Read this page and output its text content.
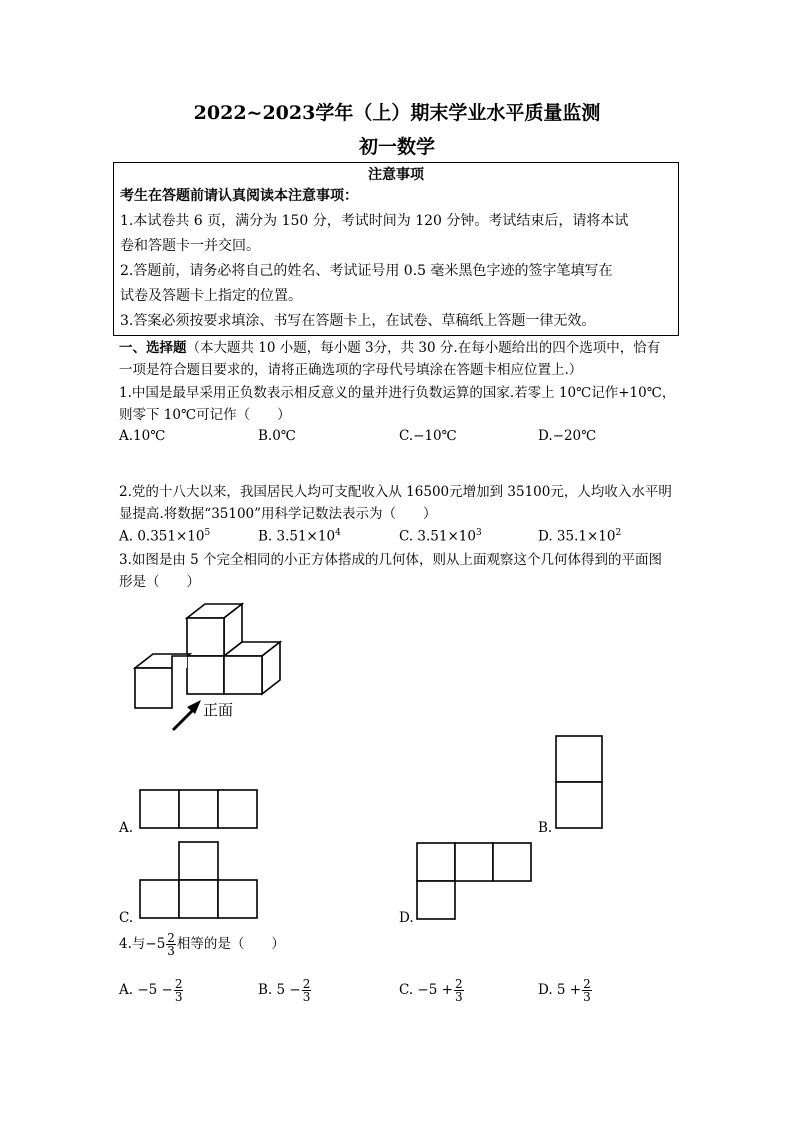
2022~2023学年（上）期末学业水平质量监测
初一数学
注意事项
考生在答题前请认真阅读本注意事项：
1.本试卷共 6 页，满分为 150 分，考试时间为 120 分钟。考试结束后，请将本试
卷和答题卡一并交回。
2.答题前，请务必将自己的姓名、考试证号用 0.5 毫米黑色字迹的签字笔填写在
试卷及答题卡上指定的位置。
3.答案必须按要求填涂、书写在答题卡上，在试卷、草稿纸上答题一律无效。
一、选择题（本大题共 10 小题，每小题 3分，共 30 分.在每小题给出的四个选项中，恰有
一项是符合题目要求的，请将正确选项的字母代号填涂在答题卡相应位置上.）
1.中国是最早采用正负数表示相反意义的量并进行负数运算的国家.若零上 10℃记作+10℃，
则零下 10℃可记作（　　）
A.10℃	B.0℃	C.−10℃	D.−20℃
2.党的十八大以来，我国居民人均可支配收入从 16500元增加到 35100元，人均收入水平明
显提高.将数据“35100”用科学记数法表示为（　　）
A. $0.351\times 10^5$	B. $3.51\times 10^4$	C. $3.51\times 10^3$	D. $35.1\times 10^2$
3.如图是由 5 个完全相同的小正方体搭成的几何体，则从上面观察这个几何体得到的平面图
形是（　　）
正面
A.	B.
C.	D.
4.与$-5 \frac{2}{3}$ 相等的是（　　）
A. $-5 - \frac{2}{3}$	B. $5 - \frac{2}{3}$	C. $-5 + \frac{2}{3}$	D. $5 + \frac{2}{3}$
